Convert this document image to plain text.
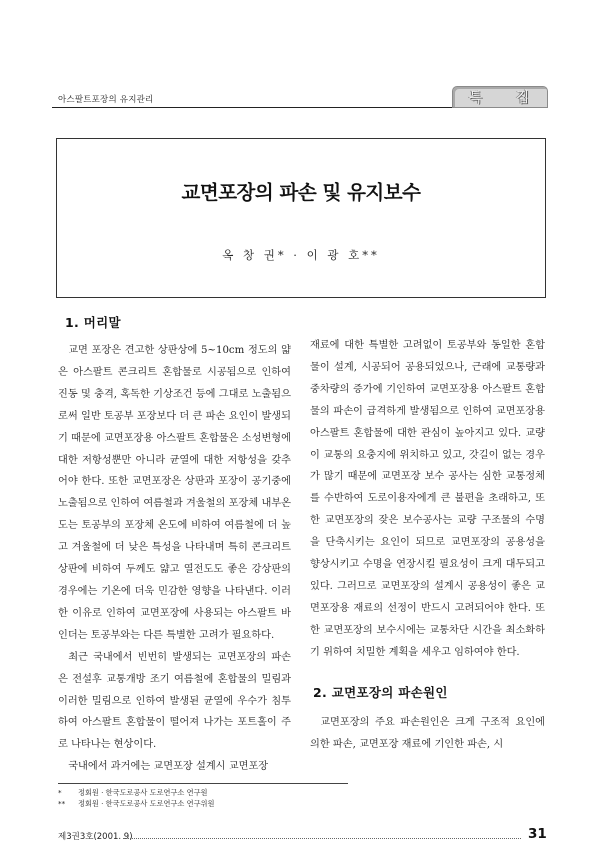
아스팔트포장의 유지관리	특	집
교면포장의 파손 및 유지보수
옥 창 권* · 이 광 호**
1. 머리말

교면 포장은 견고한 상판상에 5~10cm 정도의 얇은 아스팔트 콘크리트 혼합물로 시공됨으로 인하여 진동 및 충격, 혹독한 기상조건 등에 그대로 노출됨으로써 일반 토공부 포장보다 더 큰 파손 요인이 발생되기 때문에 교면포장용 아스팔트 혼합물은 소성변형에 대한 저항성뿐만 아니라 균열에 대한 저항성을 갖추어야 한다. 또한 교면포장은 상판과 포장이 공기중에 노출됨으로 인하여 여름철과 겨울철의 포장체 내부온도는 토공부의 포장체 온도에 비하여 여름철에 더 높고 겨울철에 더 낮은 특성을 나타내며 특히 콘크리트 상판에 비하여 두께도 얇고 열전도도 좋은 강상판의 경우에는 기온에 더욱 민감한 영향을 나타낸다. 이러한 이유로 인하여 교면포장에 사용되는 아스팔트 바인더는 토공부와는 다른 특별한 고려가 필요하다.

최근 국내에서 빈번히 발생되는 교면포장의 파손은 전설후 교통개방 조기 여름철에 혼합물의 밀림과 이러한 밀림으로 인하여 발생된 균열에 우수가 침투하여 아스팔트 혼합물이 떨어져 나가는 포트홀이 주로 나타나는 현상이다.

국내에서 과거에는 교면포장 설계시 교면포장

재료에 대한 특별한 고려없이 토공부와 동일한 혼합물이 설계, 시공되어 공용되었으나, 근래에 교통량과 중차량의 증가에 기인하여 교면포장용 아스팔트 혼합물의 파손이 급격하게 발생됨으로 인하여 교면포장용 아스팔트 혼합물에 대한 관심이 높아지고 있다. 교량이 교통의 요충지에 위치하고 있고, 갓길이 없는 경우가 많기 때문에 교면포장 보수 공사는 심한 교통정체를 수반하여 도로이용자에게 큰 불편을 초래하고, 또한 교면포장의 잦은 보수공사는 교량 구조물의 수명을 단축시키는 요인이 되므로 교면포장의 공용성을 향상시키고 수명을 연장시킬 필요성이 크게 대두되고 있다. 그러므로 교면포장의 설계시 공용성이 좋은 교면포장용 재료의 선정이 반드시 고려되어야 한다. 또한 교면포장의 보수시에는 교통차단 시간을 최소화하기 위하여 치밀한 계획을 세우고 임하여야 한다.

2. 교면포장의 파손원인

교면포장의 주요 파손원인은 크게 구조적 요인에 의한 파손, 교면포장 재료에 기인한 파손, 시

* 정회원 · 한국도로공사 도로연구소 연구원
** 정회원 · 한국도로공사 도로연구소 연구위원
제3권3호(2001. 9)	31
